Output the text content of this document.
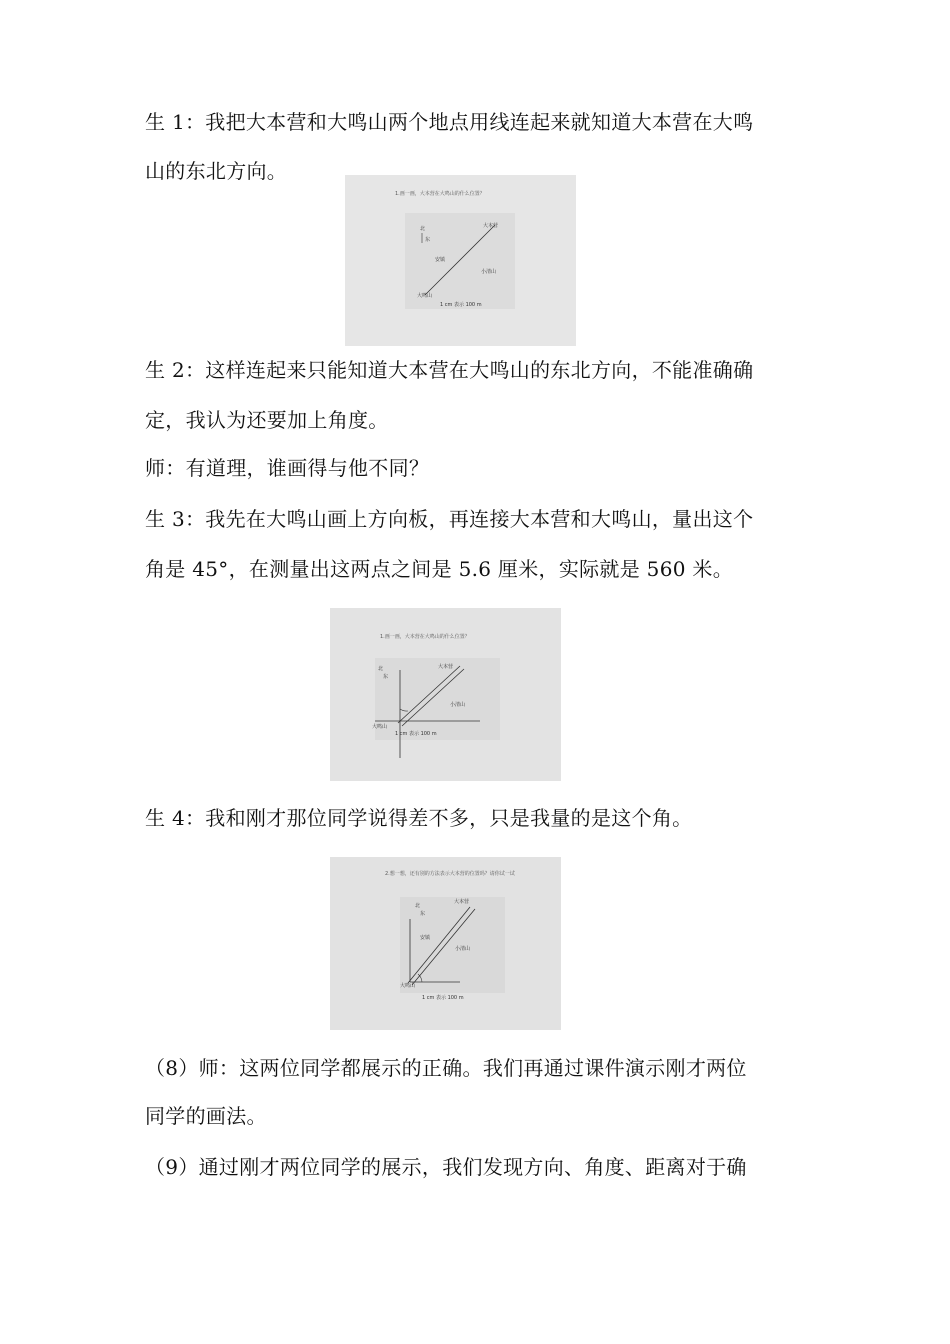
生 1：我把大本营和大鸣山两个地点用线连起来就知道大本营在大鸣
山的东北方向。
1.画一画，大本营在大鸣山的什么位置？
北
东
大本营
安镇
小清山
大鸣山
1 cm 表示 100 m
生 2：这样连起来只能知道大本营在大鸣山的东北方向，不能准确确
定，我认为还要加上角度。
师：有道理，谁画得与他不同？
生 3：我先在大鸣山画上方向板，再连接大本营和大鸣山，量出这个
角是 45°，在测量出这两点之间是 5.6 厘米，实际就是 560 米。
1.画一画，大本营在大鸣山的什么位置？
北
东
大本营
小清山
大鸣山
1 cm 表示 100 m
生 4：我和刚才那位同学说得差不多，只是我量的是这个角。
2.想一想，还有别的方法表示大本营的位置吗？请你试一试
北
东
大本营
安镇
小清山
大鸣山
1 cm 表示 100 m
（8）师：这两位同学都展示的正确。我们再通过课件演示刚才两位
同学的画法。
（9）通过刚才两位同学的展示，我们发现方向、角度、距离对于确
